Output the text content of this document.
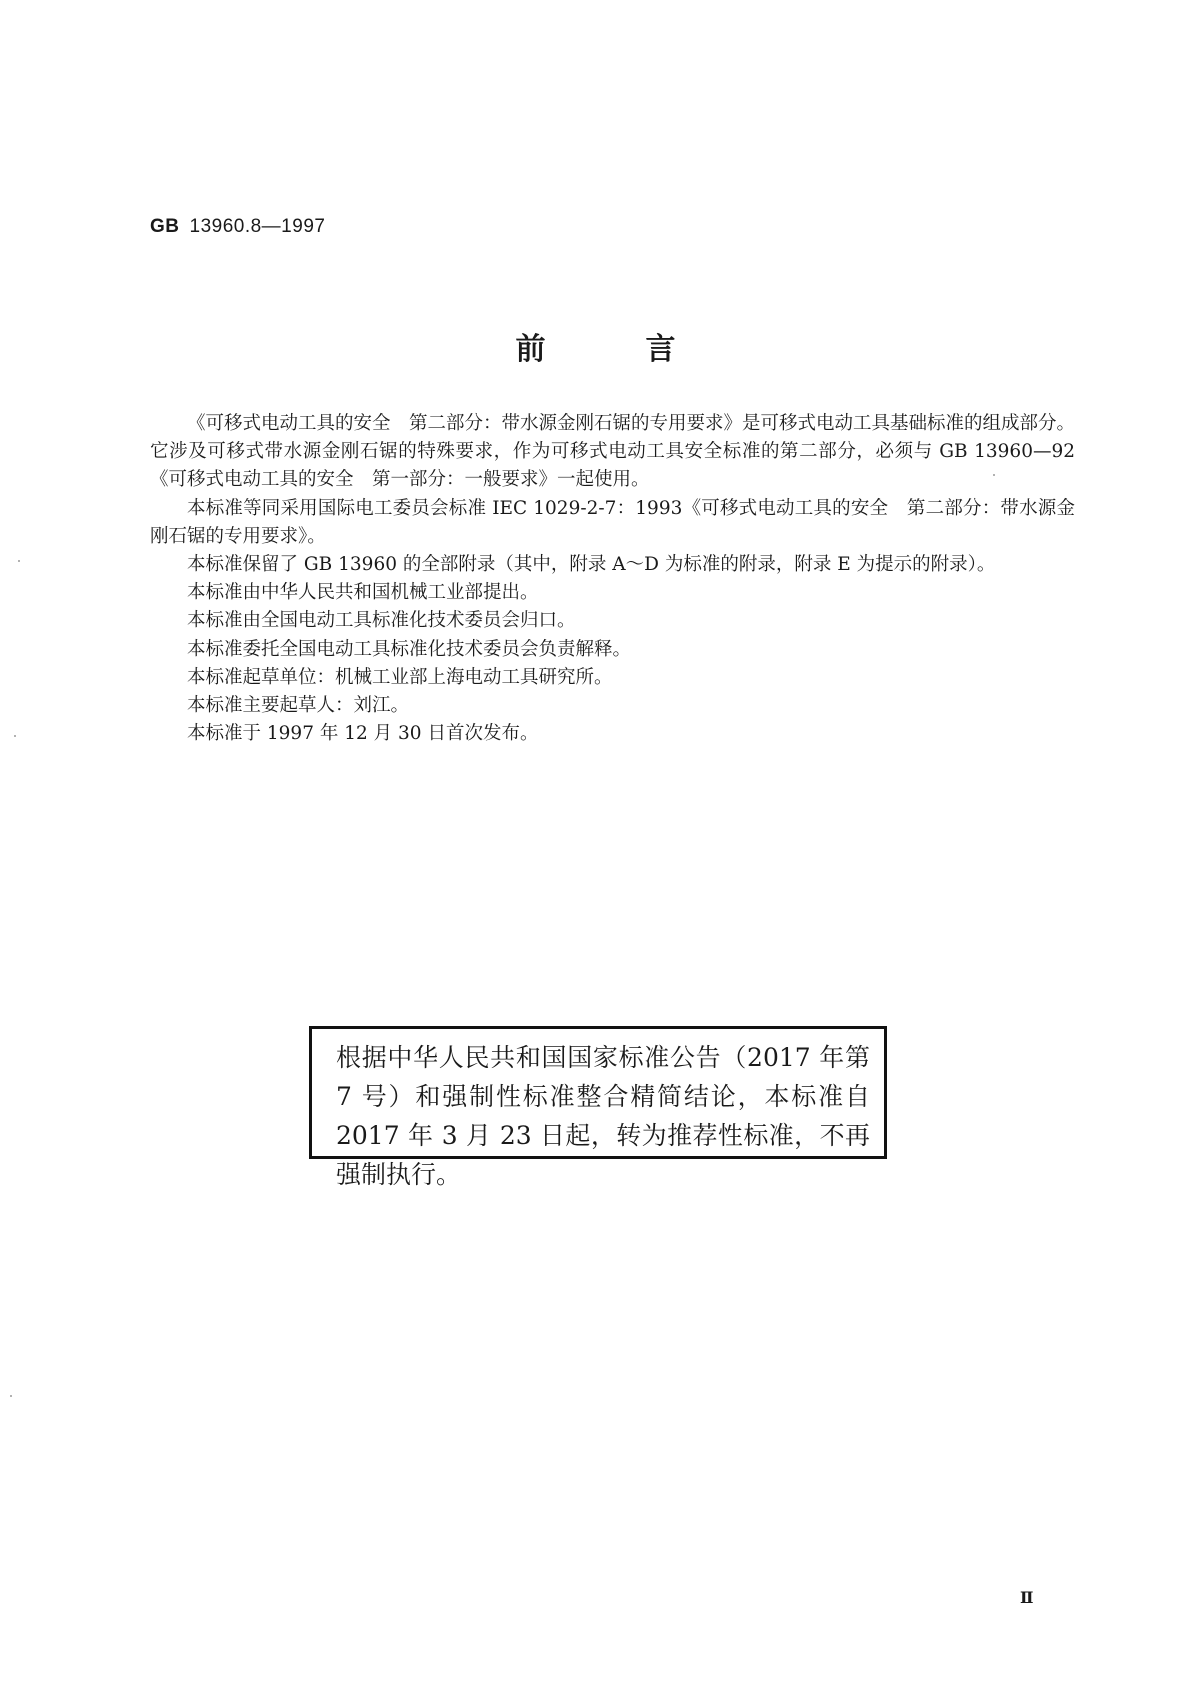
GB 13960.8—1997
前言

《可移式电动工具的安全　第二部分：带水源金刚石锯的专用要求》是可移式电动工具基础标准的组成部分。它涉及可移式带水源金刚石锯的特殊要求，作为可移式电动工具安全标准的第二部分，必须与 GB 13960—92《可移式电动工具的安全　第一部分：一般要求》一起使用。

本标准等同采用国际电工委员会标准 IEC 1029-2-7：1993《可移式电动工具的安全　第二部分：带水源金刚石锯的专用要求》。

本标准保留了 GB 13960 的全部附录（其中，附录 A～D 为标准的附录，附录 E 为提示的附录）。

本标准由中华人民共和国机械工业部提出。

本标准由全国电动工具标准化技术委员会归口。

本标准委托全国电动工具标准化技术委员会负责解释。

本标准起草单位：机械工业部上海电动工具研究所。

本标准主要起草人：刘江。

本标准于 1997 年 12 月 30 日首次发布。

根据中华人民共和国国家标准公告（2017 年第 7 号）和强制性标准整合精简结论，本标准自 2017 年 3 月 23 日起，转为推荐性标准，不再强制执行。
Ⅱ
